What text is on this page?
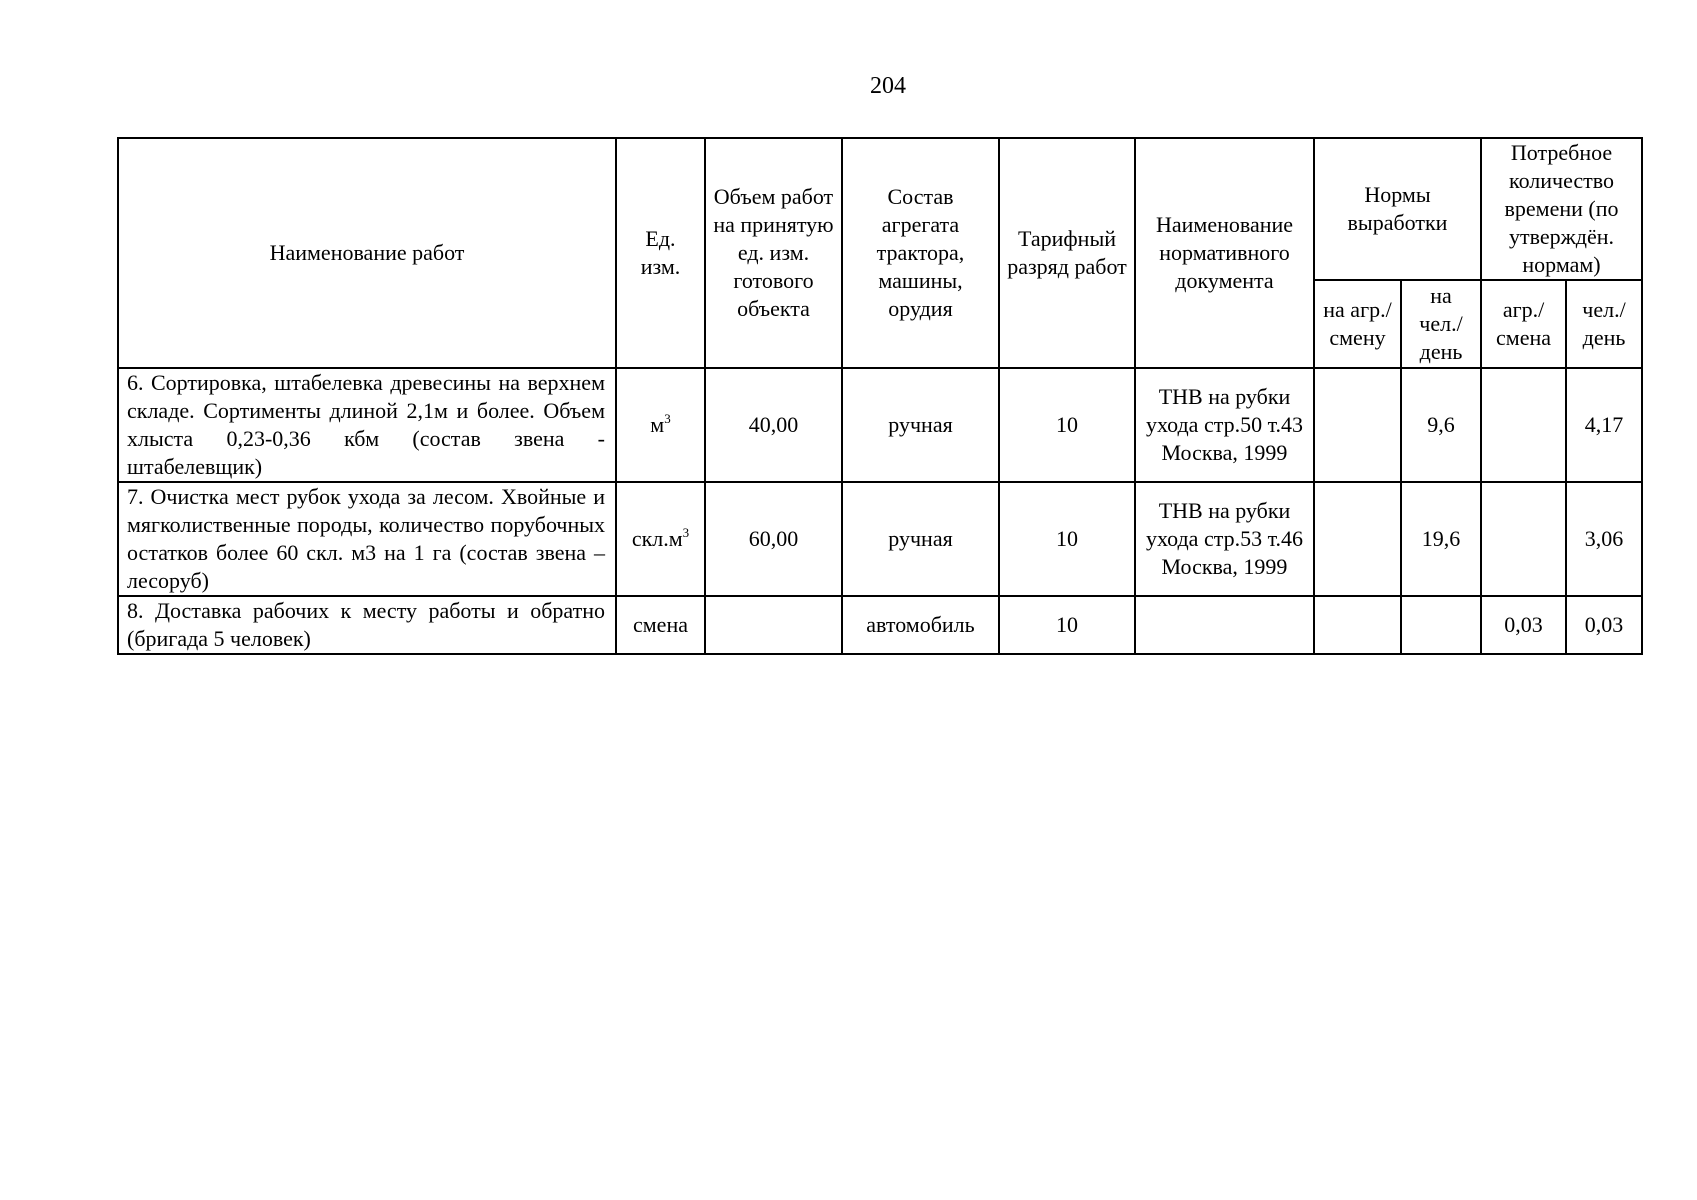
204
Наименование работ	Ед. изм.	Объем работ на принятую ед. изм. готового объекта	Состав агрегата трактора, машины, орудия	Тарифный разряд работ	Наименование нормативного документа	Нормы выработки		Потребное количество времени (по утверждён. нормам)	
						на агр./ смену	на чел./ день	агр./ смена	чел./ день
6. Сортировка, штабелевка древесины на верхнем складе. Сортименты длиной 2,1м и более. Объем хлыста 0,23-0,36 кбм (состав звена - штабелевщик)	$м^3$	40,00	ручная	10	ТНВ на рубки ухода стр.50 т.43 Москва, 1999		9,6		4,17
7. Очистка мест рубок ухода за лесом. Хвойные и мягколиственные породы, количество порубочных остатков более 60 скл. м3 на 1 га (состав звена – лесоруб)	$скл.м^3$	60,00	ручная	10	ТНВ на рубки ухода стр.53 т.46 Москва, 1999		19,6		3,06
8. Доставка рабочих к месту работы и обратно (бригада 5 человек)	смена		автомобиль	10				0,03	0,03
